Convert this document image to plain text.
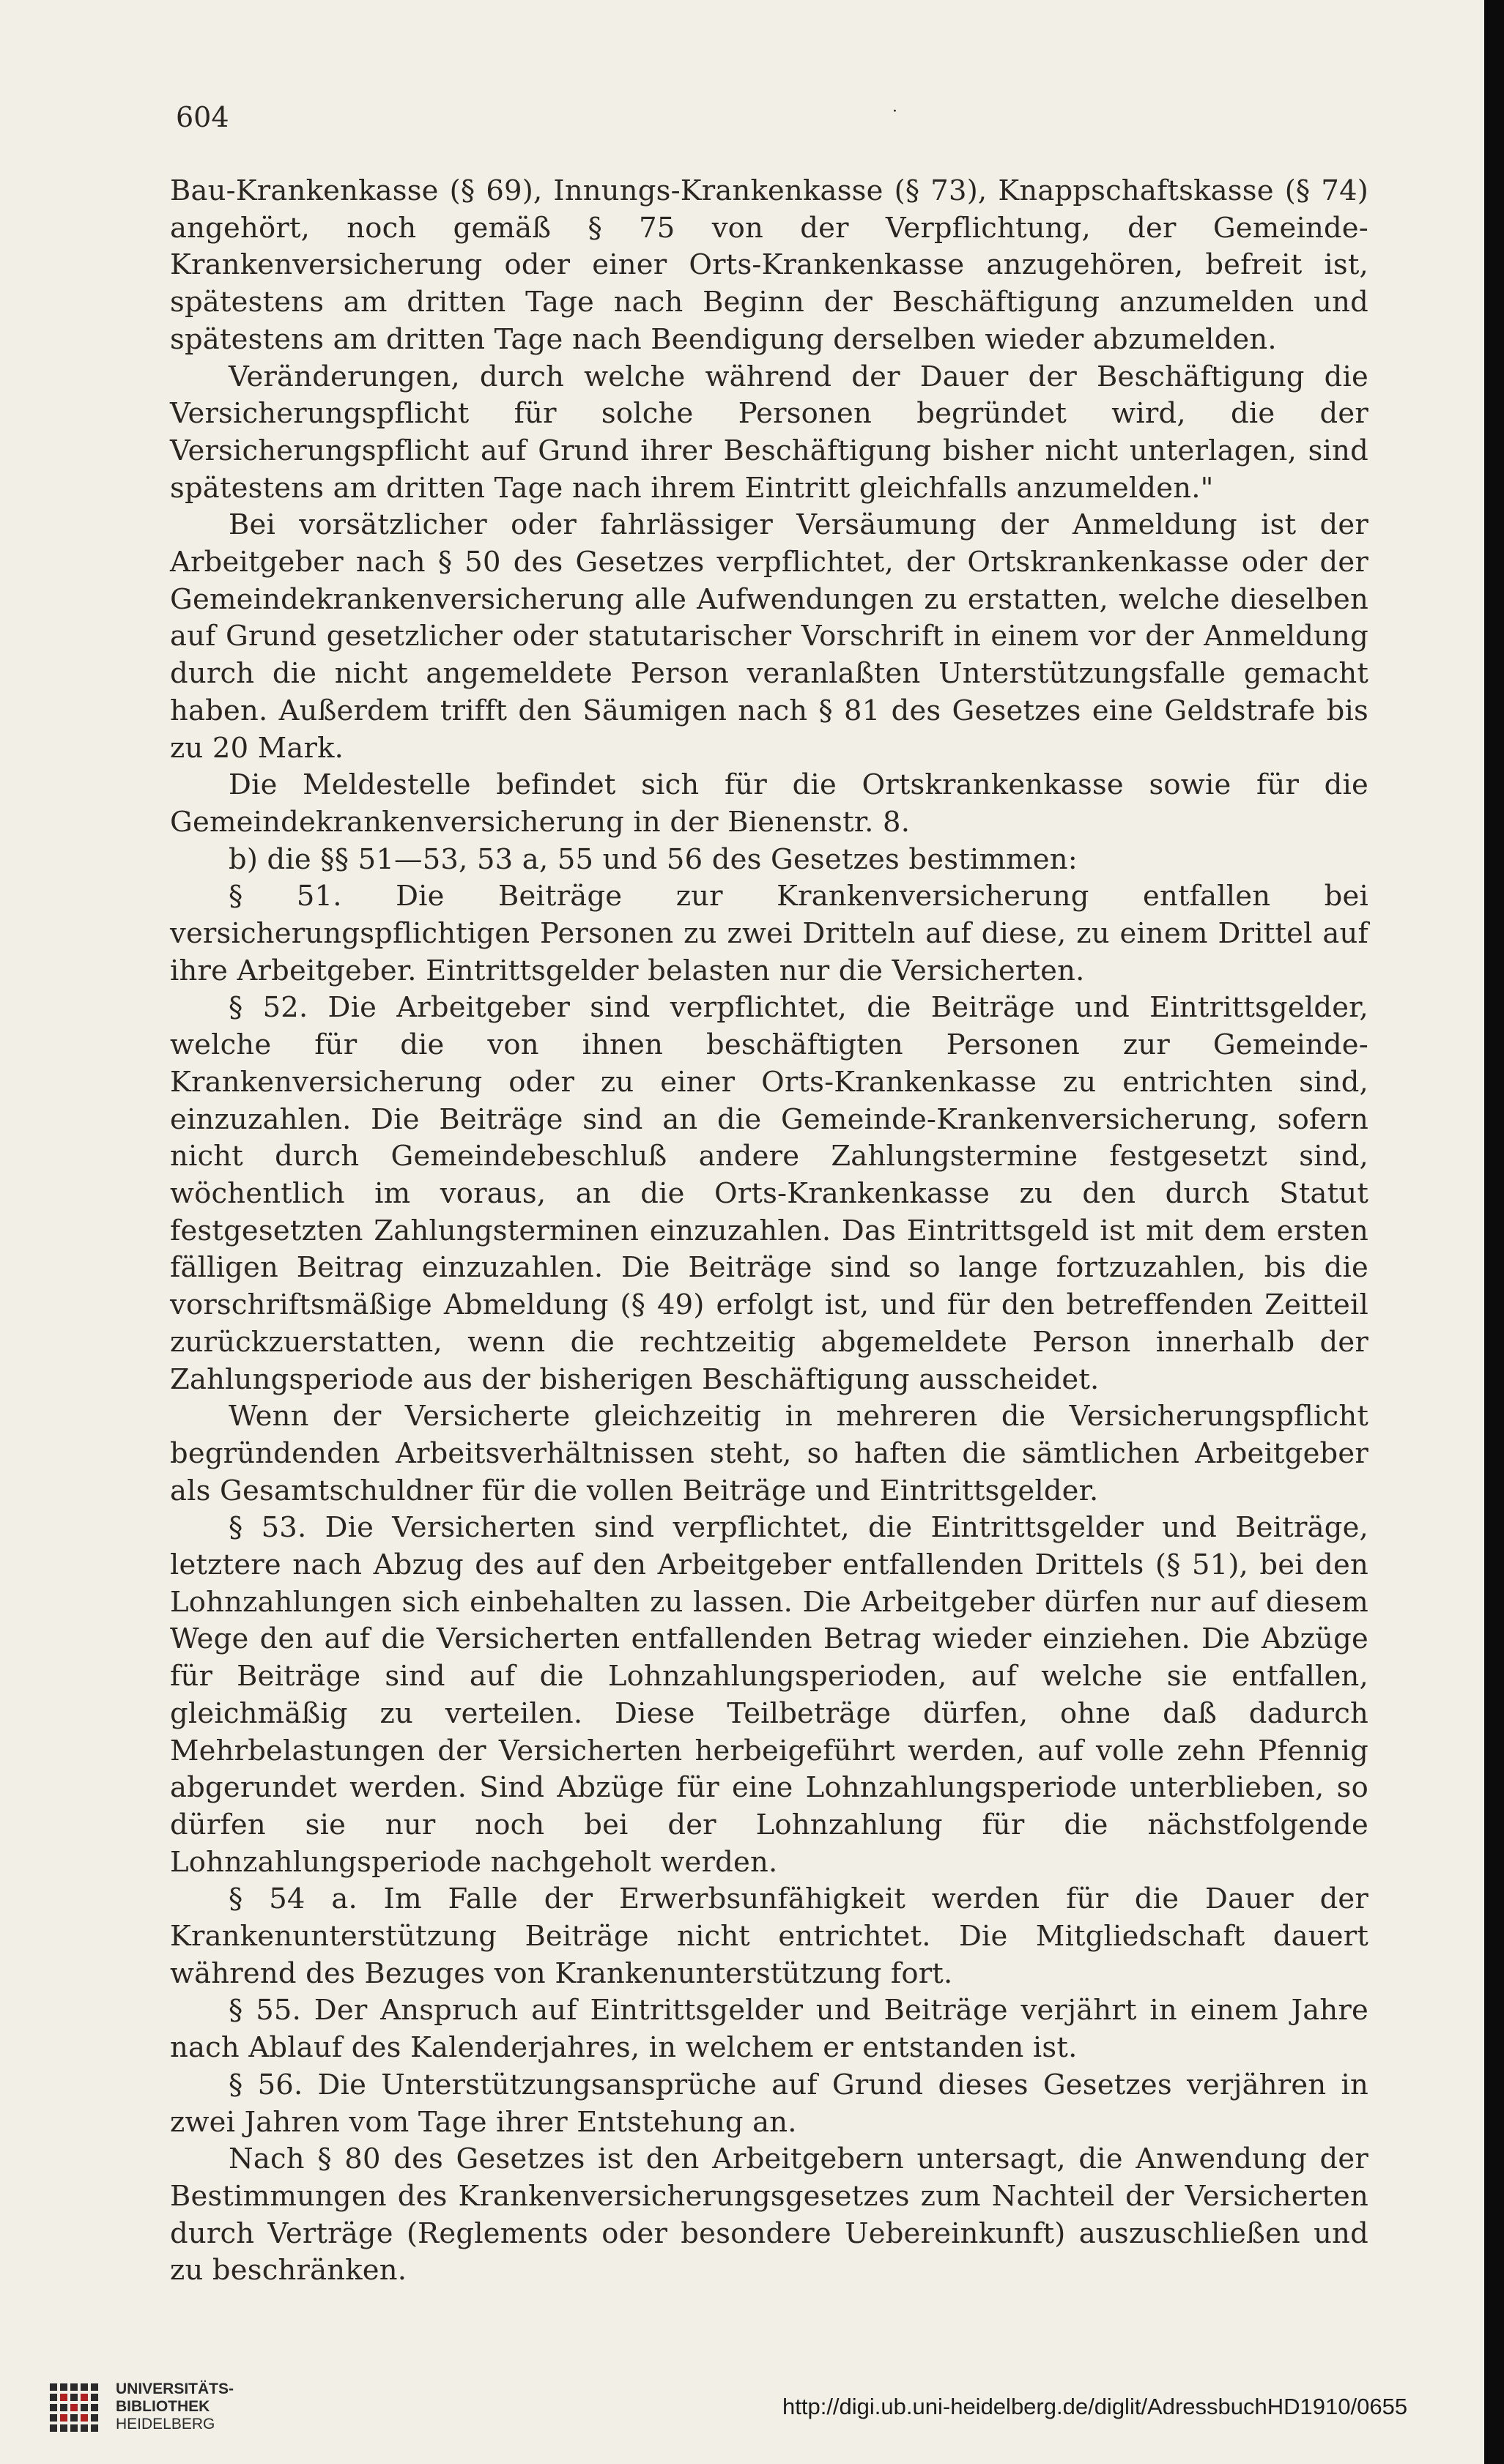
604	·

Bau-Krankenkasse (§ 69), Innungs-Krankenkasse (§ 73), Knappschaftskasse (§ 74) angehört, noch gemäß § 75 von der Verpflichtung, der Gemeinde-Krankenversicherung oder einer Orts-Krankenkasse anzugehören, befreit ist, spätestens am dritten Tage nach Beginn der Beschäftigung anzumelden und spätestens am dritten Tage nach Beendigung derselben wieder abzumelden.

Veränderungen, durch welche während der Dauer der Beschäftigung die Versicherungspflicht für solche Personen begründet wird, die der Versicherungspflicht auf Grund ihrer Beschäftigung bisher nicht unterlagen, sind spätestens am dritten Tage nach ihrem Eintritt gleichfalls anzumelden."

Bei vorsätzlicher oder fahrlässiger Versäumung der Anmeldung ist der Arbeitgeber nach § 50 des Gesetzes verpflichtet, der Ortskrankenkasse oder der Gemeindekrankenversicherung alle Aufwendungen zu erstatten, welche dieselben auf Grund gesetzlicher oder statutarischer Vorschrift in einem vor der Anmeldung durch die nicht angemeldete Person veranlaßten Unterstützungsfalle gemacht haben. Außerdem trifft den Säumigen nach § 81 des Gesetzes eine Geldstrafe bis zu 20 Mark.

Die Meldestelle befindet sich für die Ortskrankenkasse sowie für die Gemeindekrankenversicherung in der Bienenstr. 8.

b) die §§ 51—53, 53 a, 55 und 56 des Gesetzes bestimmen:

§ 51. Die Beiträge zur Krankenversicherung entfallen bei versicherungspflichtigen Personen zu zwei Dritteln auf diese, zu einem Drittel auf ihre Arbeitgeber. Eintrittsgelder belasten nur die Versicherten.

§ 52. Die Arbeitgeber sind verpflichtet, die Beiträge und Eintrittsgelder, welche für die von ihnen beschäftigten Personen zur Gemeinde-Krankenversicherung oder zu einer Orts-Krankenkasse zu entrichten sind, einzuzahlen. Die Beiträge sind an die Gemeinde-Krankenversicherung, sofern nicht durch Gemeindebeschluß andere Zahlungstermine festgesetzt sind, wöchentlich im voraus, an die Orts-Krankenkasse zu den durch Statut festgesetzten Zahlungsterminen einzuzahlen. Das Eintrittsgeld ist mit dem ersten fälligen Beitrag einzuzahlen. Die Beiträge sind so lange fortzuzahlen, bis die vorschriftsmäßige Abmeldung (§ 49) erfolgt ist, und für den betreffenden Zeitteil zurückzuerstatten, wenn die rechtzeitig abgemeldete Person innerhalb der Zahlungsperiode aus der bisherigen Beschäftigung ausscheidet.

Wenn der Versicherte gleichzeitig in mehreren die Versicherungspflicht begründenden Arbeitsverhältnissen steht, so haften die sämtlichen Arbeitgeber als Gesamtschuldner für die vollen Beiträge und Eintrittsgelder.

§ 53. Die Versicherten sind verpflichtet, die Eintrittsgelder und Beiträge, letztere nach Abzug des auf den Arbeitgeber entfallenden Drittels (§ 51), bei den Lohnzahlungen sich einbehalten zu lassen. Die Arbeitgeber dürfen nur auf diesem Wege den auf die Versicherten entfallenden Betrag wieder einziehen. Die Abzüge für Beiträge sind auf die Lohnzahlungsperioden, auf welche sie entfallen, gleichmäßig zu verteilen. Diese Teilbeträge dürfen, ohne daß dadurch Mehrbelastungen der Versicherten herbeigeführt werden, auf volle zehn Pfennig abgerundet werden. Sind Abzüge für eine Lohnzahlungsperiode unterblieben, so dürfen sie nur noch bei der Lohnzahlung für die nächstfolgende Lohnzahlungsperiode nachgeholt werden.

§ 54 a. Im Falle der Erwerbsunfähigkeit werden für die Dauer der Krankenunterstützung Beiträge nicht entrichtet. Die Mitgliedschaft dauert während des Bezuges von Krankenunterstützung fort.

§ 55. Der Anspruch auf Eintrittsgelder und Beiträge verjährt in einem Jahre nach Ablauf des Kalenderjahres, in welchem er entstanden ist.

§ 56. Die Unterstützungsansprüche auf Grund dieses Gesetzes verjähren in zwei Jahren vom Tage ihrer Entstehung an.

Nach § 80 des Gesetzes ist den Arbeitgebern untersagt, die Anwendung der Bestimmungen des Krankenversicherungsgesetzes zum Nachteil der Versicherten durch Verträge (Reglements oder besondere Uebereinkunft) auszuschließen und zu beschränken.

UNIVERSITÄTS-
BIBLIOTHEK
HEIDELBERG
http://digi.ub.uni-heidelberg.de/diglit/AdressbuchHD1910/0655
